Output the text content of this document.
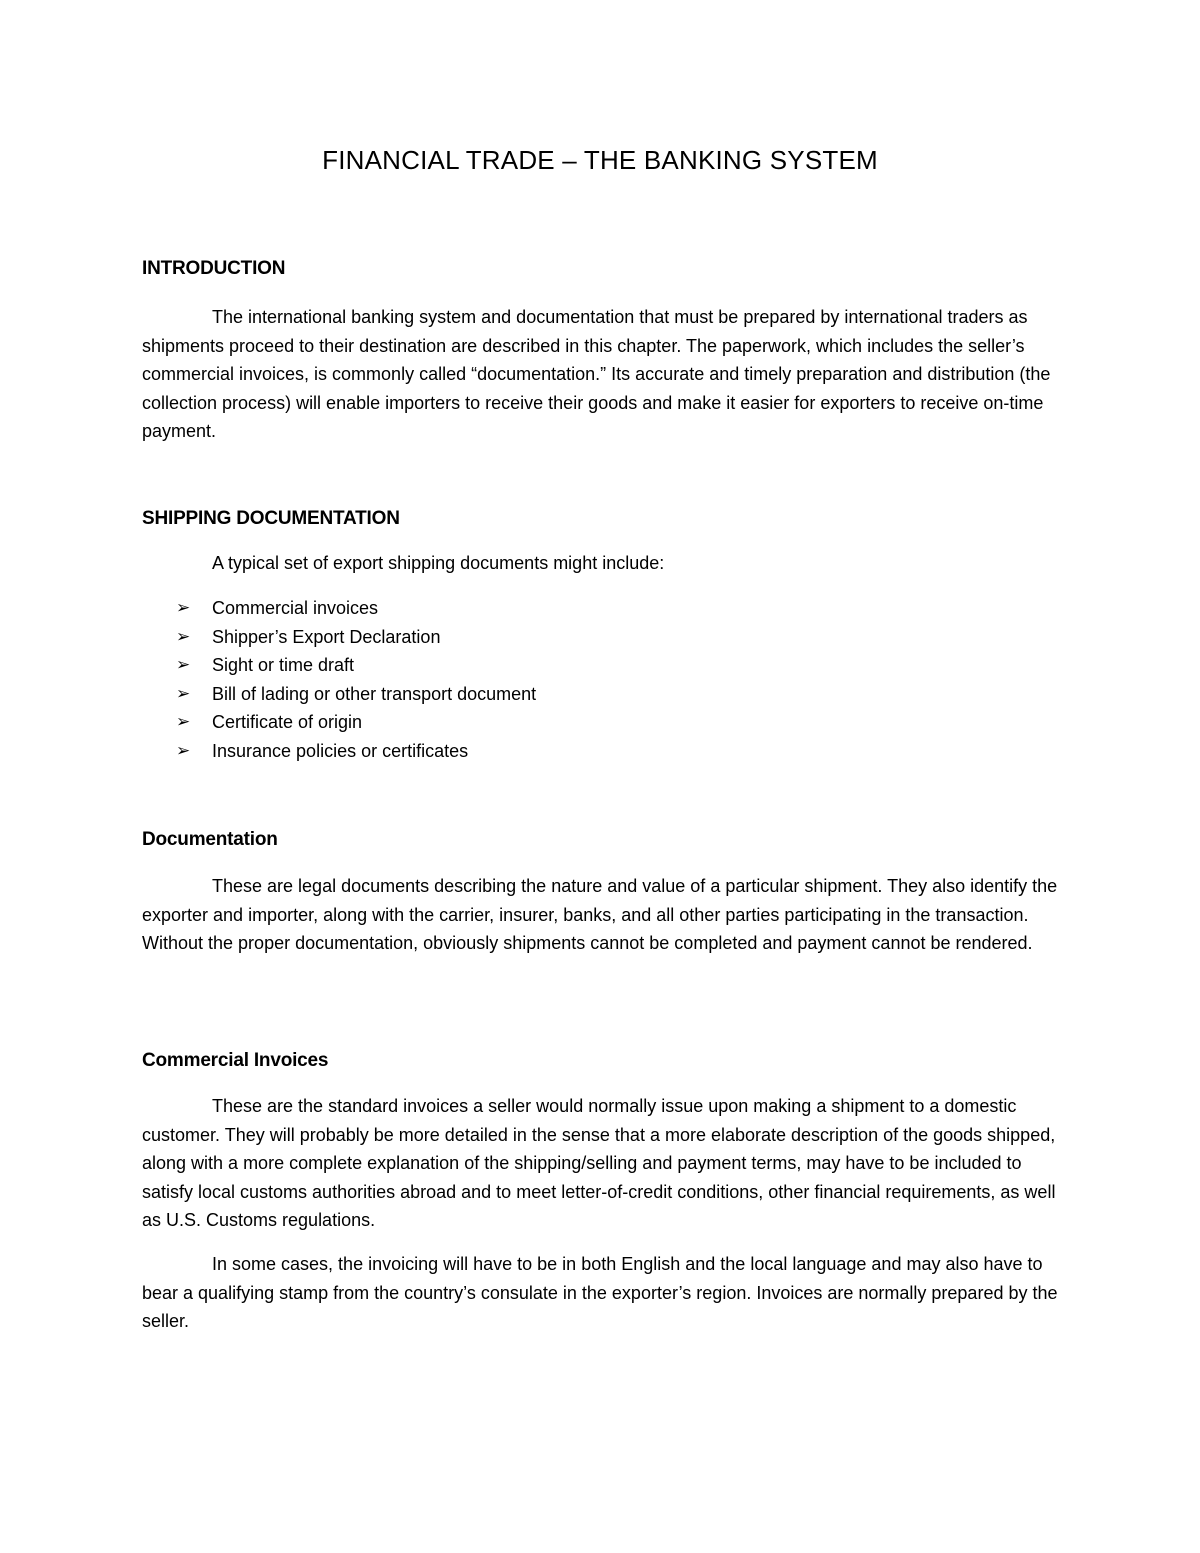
FINANCIAL TRADE – THE BANKING SYSTEM
INTRODUCTION

The international banking system and documentation that must be prepared by international traders as shipments proceed to their destination are described in this chapter. The paperwork, which includes the seller’s commercial invoices, is commonly called “documentation.” Its accurate and timely preparation and distribution (the collection process) will enable importers to receive their goods and make it easier for exporters to receive on-time payment.

SHIPPING DOCUMENTATION

A typical set of export shipping documents might include:

➢ Commercial invoices
➢ Shipper’s Export Declaration
➢ Sight or time draft
➢ Bill of lading or other transport document
➢ Certificate of origin
➢ Insurance policies or certificates
Documentation

These are legal documents describing the nature and value of a particular shipment. They also identify the exporter and importer, along with the carrier, insurer, banks, and all other parties participating in the transaction. Without the proper documentation, obviously shipments cannot be completed and payment cannot be rendered.

Commercial Invoices

These are the standard invoices a seller would normally issue upon making a shipment to a domestic customer. They will probably be more detailed in the sense that a more elaborate description of the goods shipped, along with a more complete explanation of the shipping/selling and payment terms, may have to be included to satisfy local customs authorities abroad and to meet letter-of-credit conditions, other financial requirements, as well as U.S. Customs regulations.

In some cases, the invoicing will have to be in both English and the local language and may also have to bear a qualifying stamp from the country’s consulate in the exporter’s region. Invoices are normally prepared by the seller.
